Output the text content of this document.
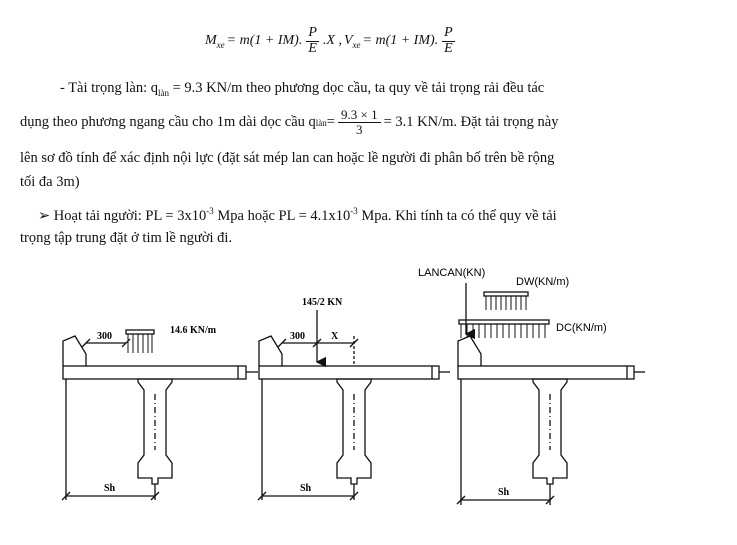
$M_{xe} = m(1 + IM)$. $\frac{P}{E} .X$ , $V_{xe} = m(1 + IM)$. $\frac{P}{E}$
- Tài trọng làn: $q_{làn} = 9.3$ KN/m theo phương dọc cầu, ta quy về tải trọng rải đều tác
dụng theo phương ngang cầu cho 1m dài dọc cầu q làn = $\frac{9.3 \times 1}{3} = 3.1$ KN/m. Đặt tải trọng này
lên sơ đồ tính để xác định nội lực (đặt sát mép lan can hoặc lề người đi phân bố trên bề rộng
tối đa 3m)
➢ Hoạt tải người: PL = $3x10^{-3}$ Mpa hoặc PL = $4.1x10^{-3}$ Mpa. Khi tính ta có thể quy về tải
trọng tập trung đặt ở tim lề người đi.
300
14.6 KN/m
Sh
145/2 KN
300	X
Sh
LANCAN(KN)
DW(KN/m)
DC(KN/m)
Sh
